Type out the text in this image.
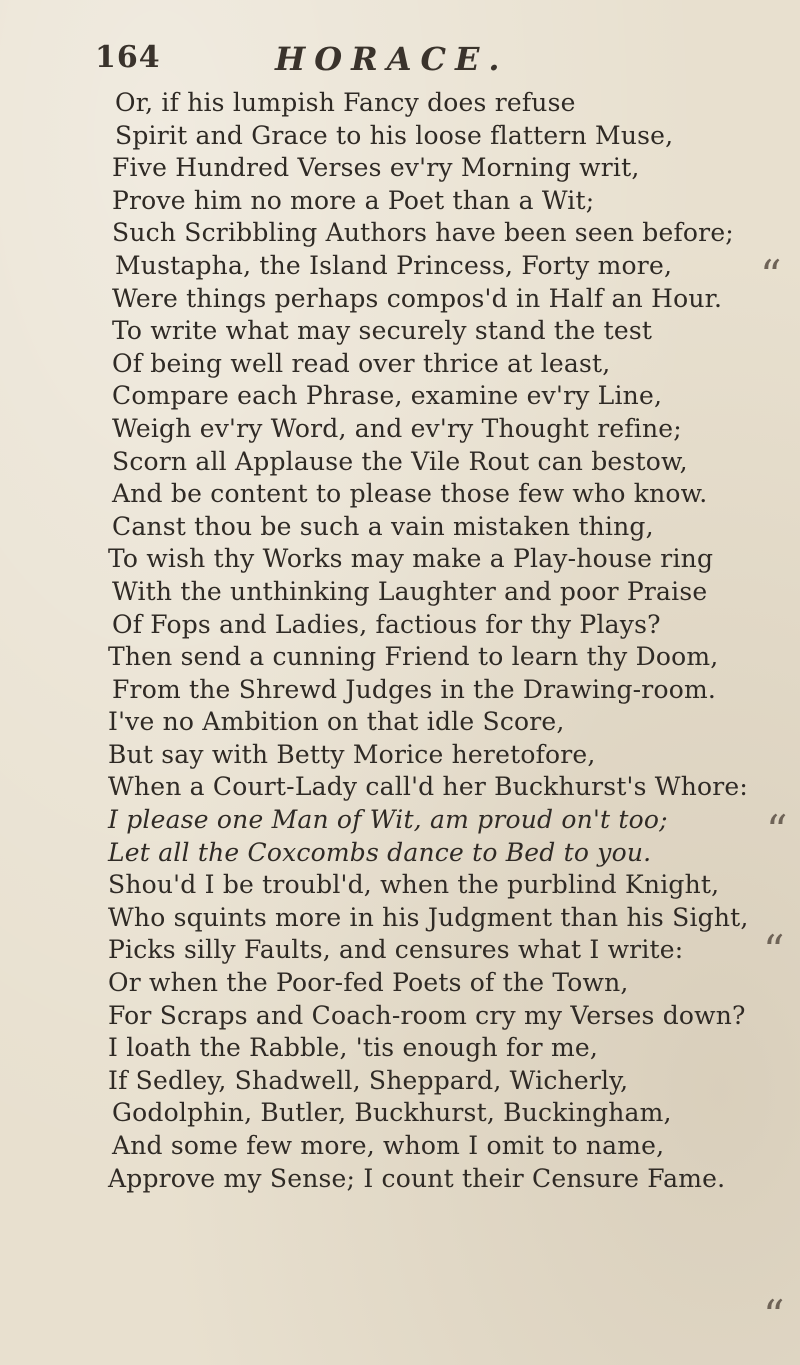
164	HORACE.
Or, if his lumpish Fancy does refuse
Spirit and Grace to his loose flattern Muse,
Five Hundred Verses ev'ry Morning writ,
Prove him no more a Poet than a Wit;
Such Scribbling Authors have been seen before;
Mustapha, the Island Princess, Forty more,
Were things perhaps compos'd in Half an Hour.
To write what may securely stand the test
Of being well read over thrice at least,
Compare each Phrase, examine ev'ry Line,
Weigh ev'ry Word, and ev'ry Thought refine;
Scorn all Applause the Vile Rout can bestow,
And be content to please those few who know.
Canst thou be such a vain mistaken thing,
To wish thy Works may make a Play-house ring
With the unthinking Laughter and poor Praise
Of Fops and Ladies, factious for thy Plays?
Then send a cunning Friend to learn thy Doom,
From the Shrewd Judges in the Drawing-room.
I've no Ambition on that idle Score,
But say with Betty Morice heretofore,
When a Court-Lady call'd her Buckhurst's Whore:
I please one Man of Wit, am proud on't too;
Let all the Coxcombs dance to Bed to you.
Shou'd I be troubl'd, when the purblind Knight,
Who squints more in his Judgment than his Sight,
Picks silly Faults, and censures what I write:
Or when the Poor-fed Poets of the Town,
For Scraps and Coach-room cry my Verses down?
I loath the Rabble, 'tis enough for me,
If Sedley, Shadwell, Sheppard, Wicherly,
Godolphin, Butler, Buckhurst, Buckingham,
And some few more, whom I omit to name,
Approve my Sense; I count their Censure Fame.
“
“
“
“
